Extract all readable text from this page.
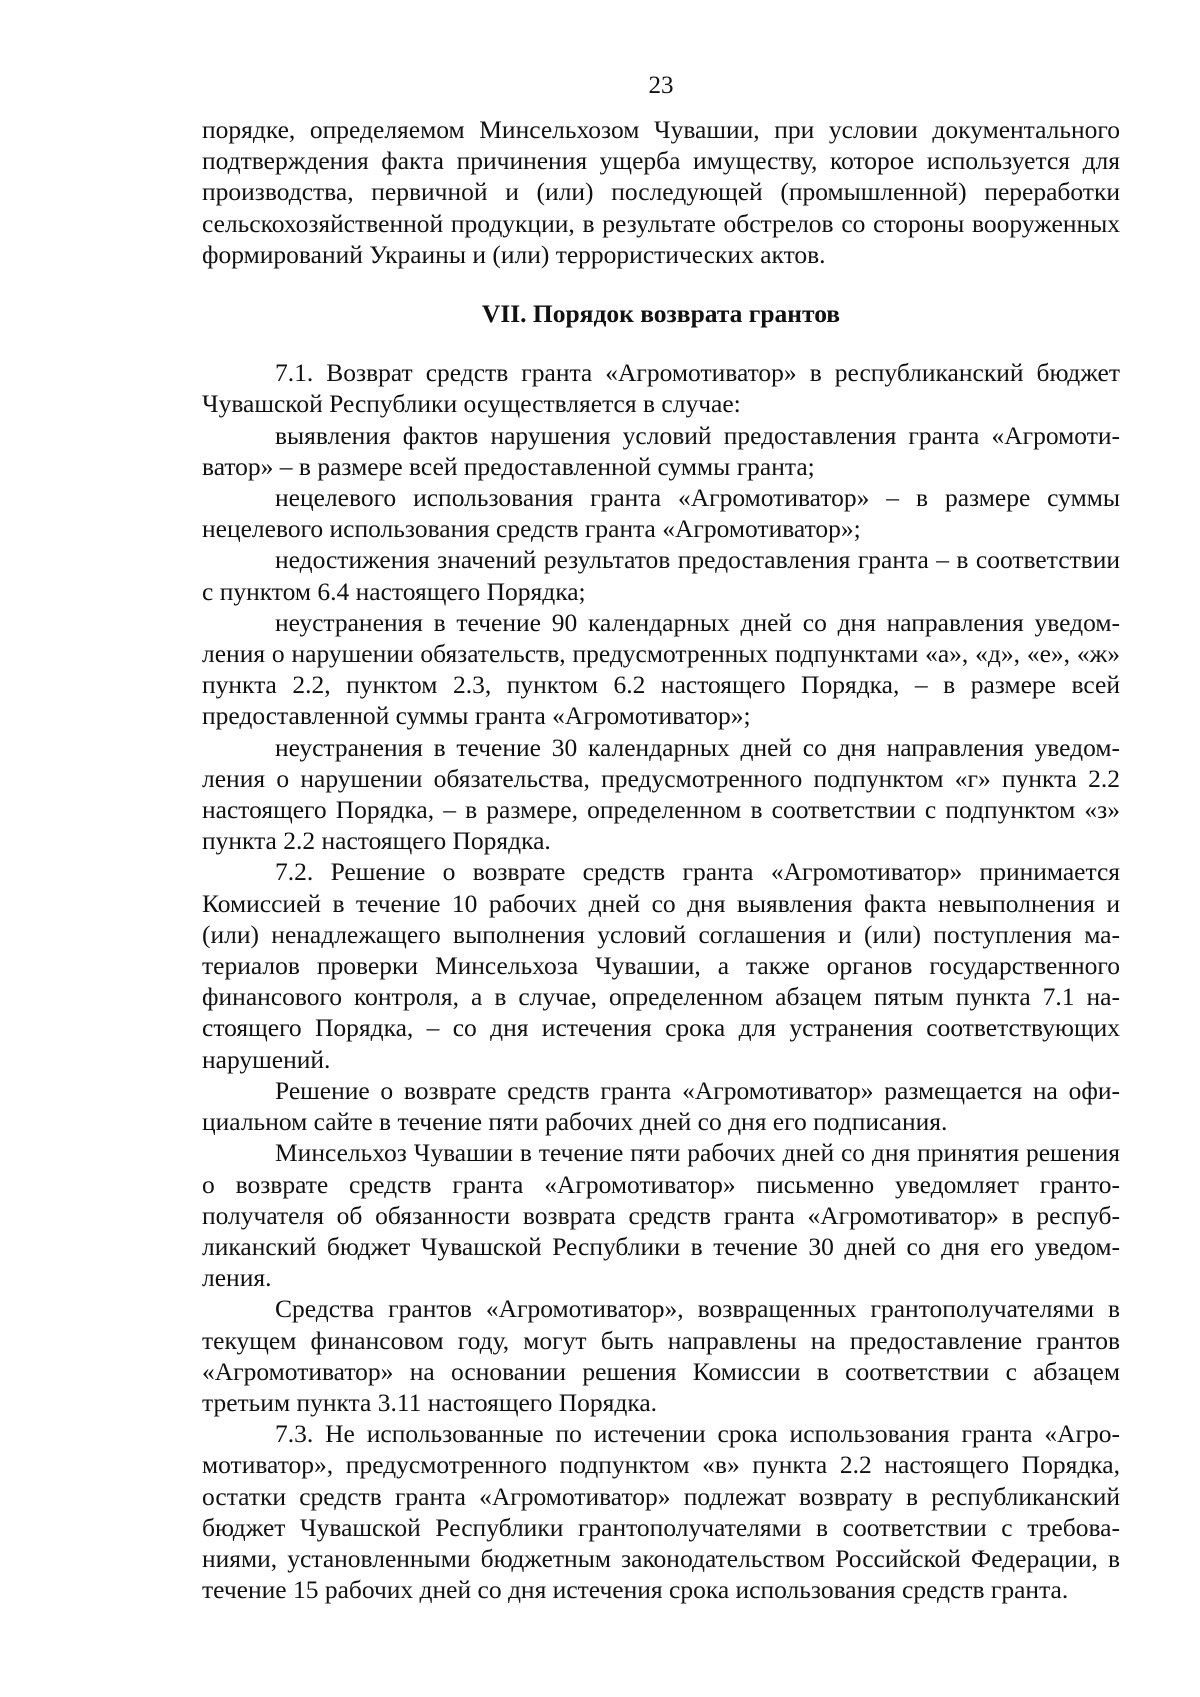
23

порядке, определяемом Минсельхозом Чувашии, при условии документального подтверждения факта причинения ущерба имуществу, которое используется для производства, первичной и (или) последующей (промышленной) переработки сельскохозяйственной продукции, в результате обстрелов со стороны вооруженных формирований Украины и (или) террористических актов.

VII. Порядок возврата грантов

7.1. Возврат средств гранта «Агромотиватор» в республиканский бюджет Чувашской Республики осуществляется в случае:

выявления фактов нарушения условий предоставления гранта «Агромотиватор» – в размере всей предоставленной суммы гранта;

нецелевого использования гранта «Агромотиватор» – в размере суммы нецелевого использования средств гранта «Агромотиватор»;

недостижения значений результатов предоставления гранта – в соответствии с пунктом 6.4 настоящего Порядка;

неустранения в течение 90 календарных дней со дня направления уведомления о нарушении обязательств, предусмотренных подпунктами «а», «д», «е», «ж» пункта 2.2, пунктом 2.3, пунктом 6.2 настоящего Порядка, – в размере всей предоставленной суммы гранта «Агромотиватор»;

неустранения в течение 30 календарных дней со дня направления уведомления о нарушении обязательства, предусмотренного подпунктом «г» пункта 2.2 настоящего Порядка, – в размере, определенном в соответствии с подпунктом «з» пункта 2.2 настоящего Порядка.

7.2. Решение о возврате средств гранта «Агромотиватор» принимается Комиссией в течение 10 рабочих дней со дня выявления факта невыполнения и (или) ненадлежащего выполнения условий соглашения и (или) поступления материалов проверки Минсельхоза Чувашии, а также органов государственного финансового контроля, а в случае, определенном абзацем пятым пункта 7.1 настоящего Порядка, – со дня истечения срока для устранения соответствующих нарушений.

Решение о возврате средств гранта «Агромотиватор» размещается на официальном сайте в течение пяти рабочих дней со дня его подписания.

Минсельхоз Чувашии в течение пяти рабочих дней со дня принятия решения о возврате средств гранта «Агромотиватор» письменно уведомляет грантополучателя об обязанности возврата средств гранта «Агромотиватор» в республиканский бюджет Чувашской Республики в течение 30 дней со дня его уведомления.

Средства грантов «Агромотиватор», возвращенных грантополучателями в текущем финансовом году, могут быть направлены на предоставление грантов «Агромотиватор» на основании решения Комиссии в соответствии с абзацем третьим пункта 3.11 настоящего Порядка.

7.3. Не использованные по истечении срока использования гранта «Агромотиватор», предусмотренного подпунктом «в» пункта 2.2 настоящего Порядка, остатки средств гранта «Агромотиватор» подлежат возврату в республиканский бюджет Чувашской Республики грантополучателями в соответствии с требованиями, установленными бюджетным законодательством Российской Федерации, в течение 15 рабочих дней со дня истечения срока использования средств гранта.
